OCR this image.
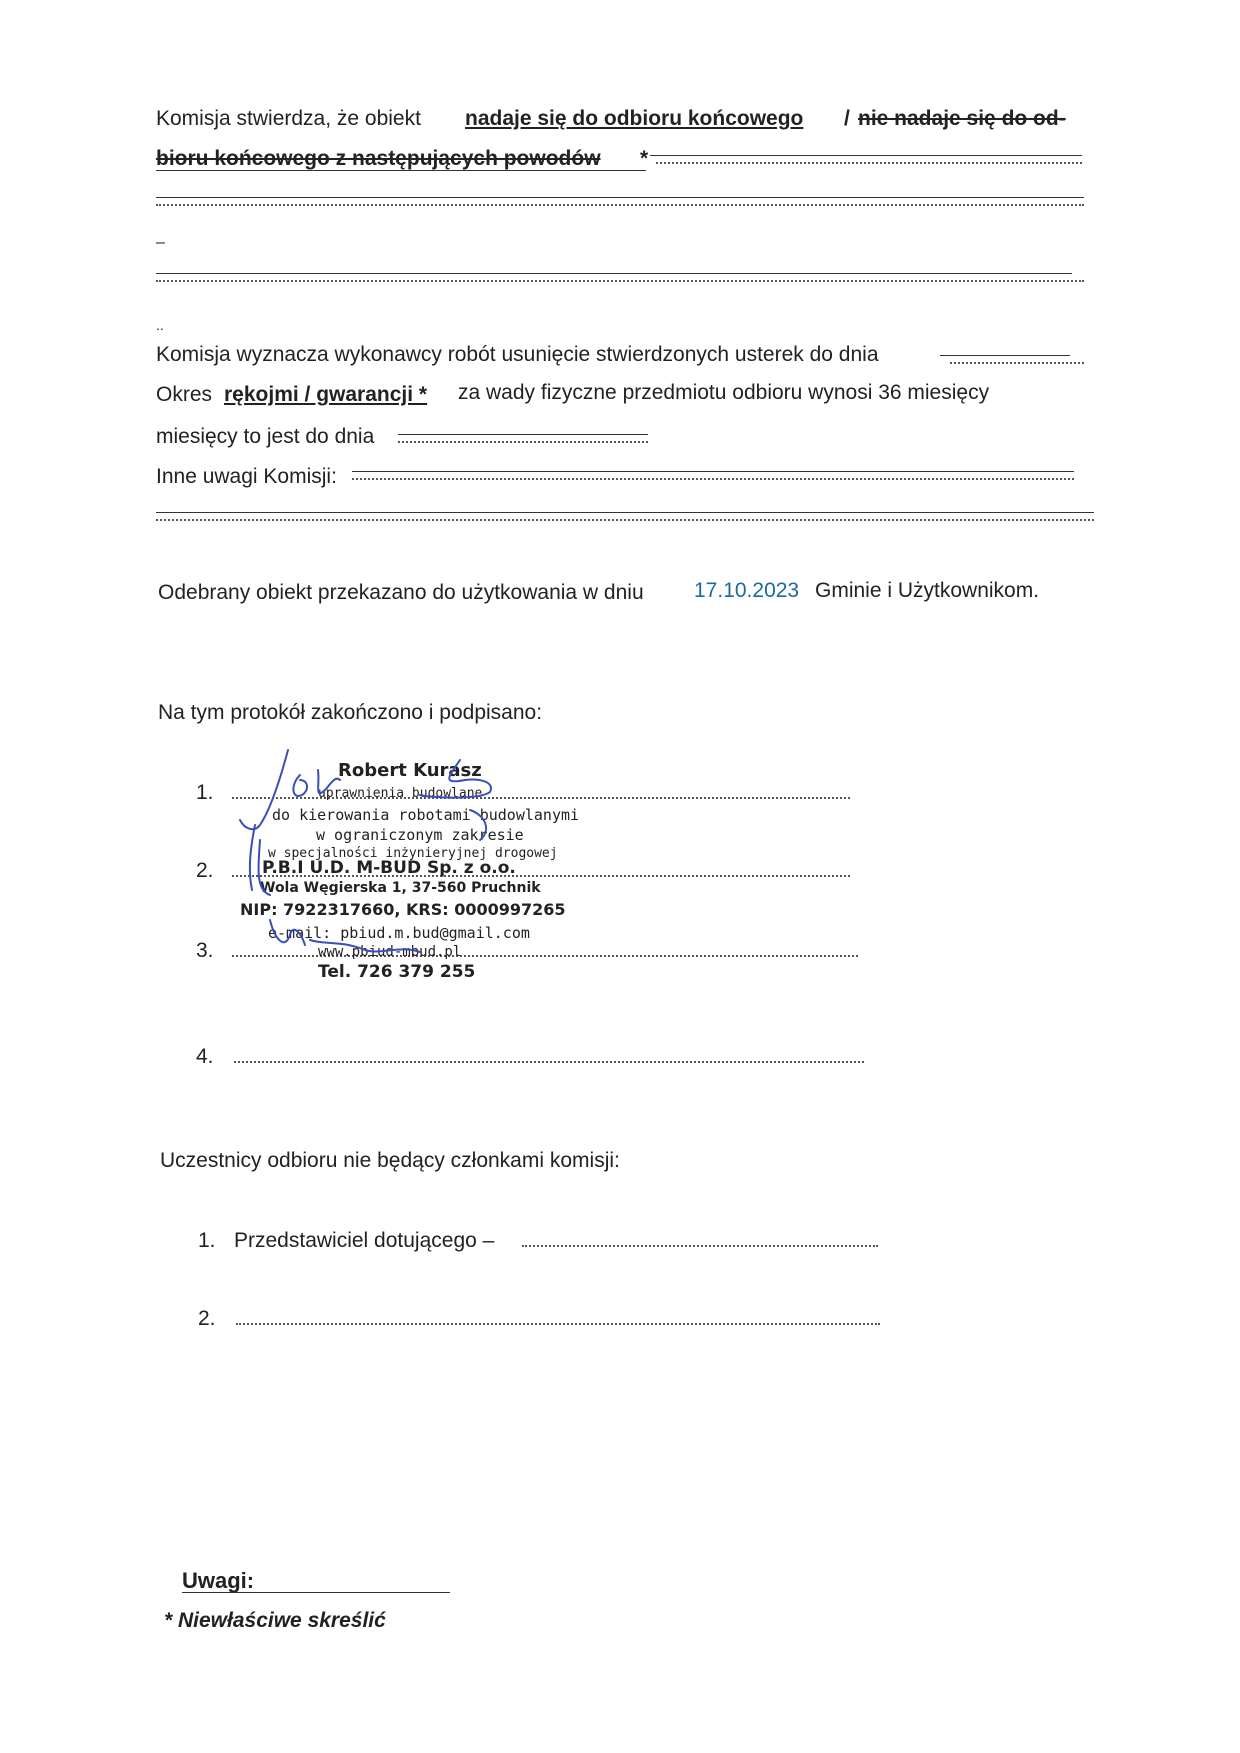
Komisja stwierdza, że obiekt nadaje się do odbioru końcowego / nie nadaje się do od-
bioru końcowego z następujących powodów *
–
..
Komisja wyznacza wykonawcy robót usunięcie stwierdzonych usterek do dnia
Okres rękojmi / gwarancji * za wady fizyczne przedmiotu odbioru wynosi 36 miesięcy
miesięcy to jest do dnia
Inne uwagi Komisji:
Odebrany obiekt przekazano do użytkowania w dniu 17.10.2023 Gminie i Użytkownikom.
Na tym protokół zakończono i podpisano:
1.
2.
3.
4.
Robert Kurasz
uprawnienia budowlane
do kierowania robotami budowlanymi
w ograniczonym zakresie
w specjalności inżynieryjnej drogowej
P.B.I U.D. M-BUD Sp. z o.o.
Wola Węgierska 1, 37-560 Pruchnik
NIP: 7922317660, KRS: 0000997265
e-mail: pbiud.m.bud@gmail.com
www.pbiud-mbud.pl
Tel. 726 379 255
Uczestnicy odbioru nie będący członkami komisji:
1. Przedstawiciel dotującego –
2.
Uwagi:
* Niewłaściwe skreślić
